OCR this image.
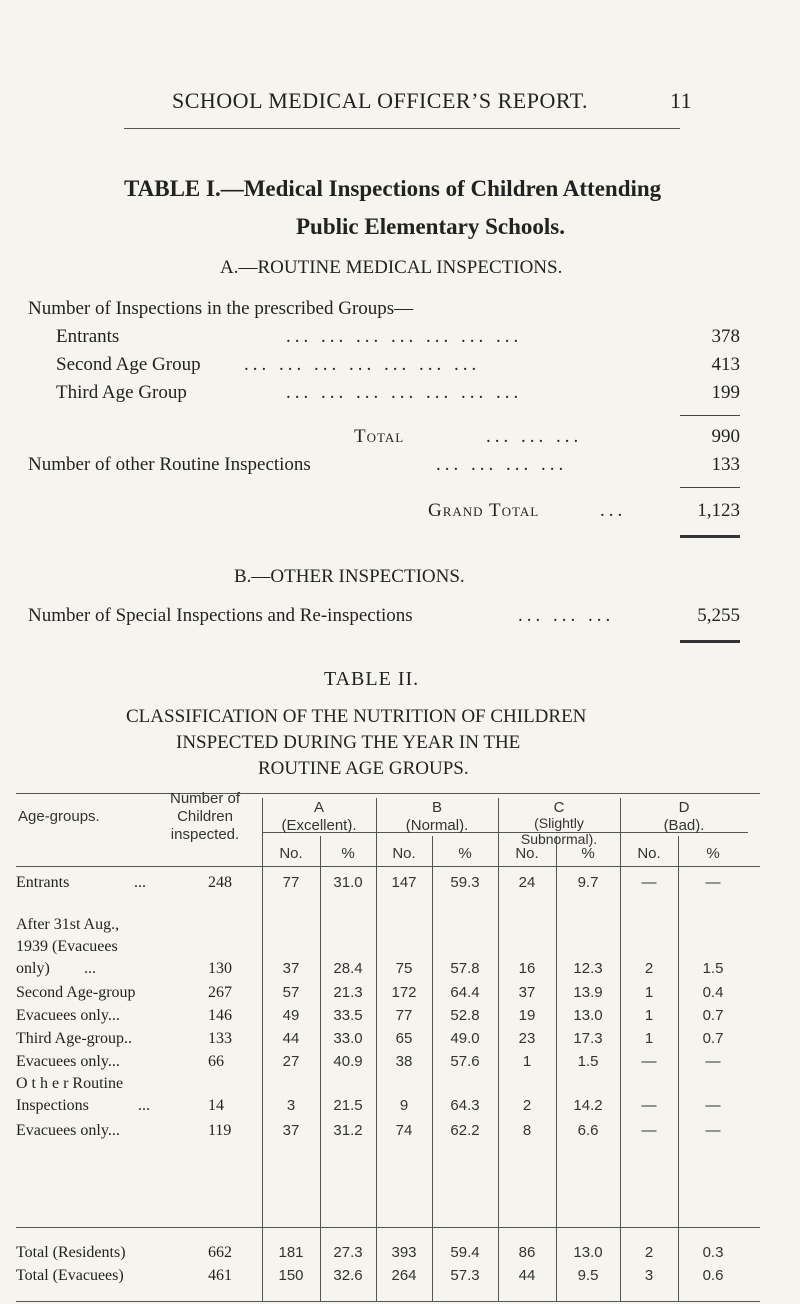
SCHOOL MEDICAL OFFICER’S REPORT.	11
TABLE I.—Medical Inspections of Children Attending
Public Elementary Schools.
A.—ROUTINE MEDICAL INSPECTIONS.
Number of Inspections in the prescribed Groups—
Entrants	... ... ... ... ... ... ...	378
Second Age Group ... ... ... ... ... ... ...	413
Third Age Group	... ... ... ... ... ... ...	199
Total	... ... ...	990
Number of other Routine Inspections	... ... ... ...	133
Grand Total	...	1,123
B.—OTHER INSPECTIONS.
Number of Special Inspections and Re-inspections	... ... ...	5,255
TABLE II.
CLASSIFICATION OF THE NUTRITION OF CHILDREN
INSPECTED DURING THE YEAR IN THE
ROUTINE AGE GROUPS.
Age-groups.
Number of
Children
inspected.
A
(Excellent).
B
(Normal).
C
(Slightly
Subnormal).
D
(Bad).
No.	%	No.	%	No.	%	No.	%
Entrants	...	248	77	31.0	147	59.3	24	9.7	—	—
After 31st Aug.,
1939 (Evacuees
only) ...	130	37	28.4	75	57.8	16	12.3	2	1.5
Second Age-group	267	57	21.3	172	64.4	37	13.9	1	0.4
Evacuees only...	146	49	33.5	77	52.8	19	13.0	1	0.7
Third Age-group..	133	44	33.0	65	49.0	23	17.3	1	0.7
Evacuees only...	66	27	40.9	38	57.6	1	1.5	—	—
O t h e r Routine
Inspections	...	14	3	21.5	9	64.3	2	14.2	—	—
Evacuees only...	119	37	31.2	74	62.2	8	6.6	—	—
Total (Residents)	662	181	27.3	393	59.4	86	13.0	2	0.3
Total (Evacuees)	461	150	32.6	264	57.3	44	9.5	3	0.6
